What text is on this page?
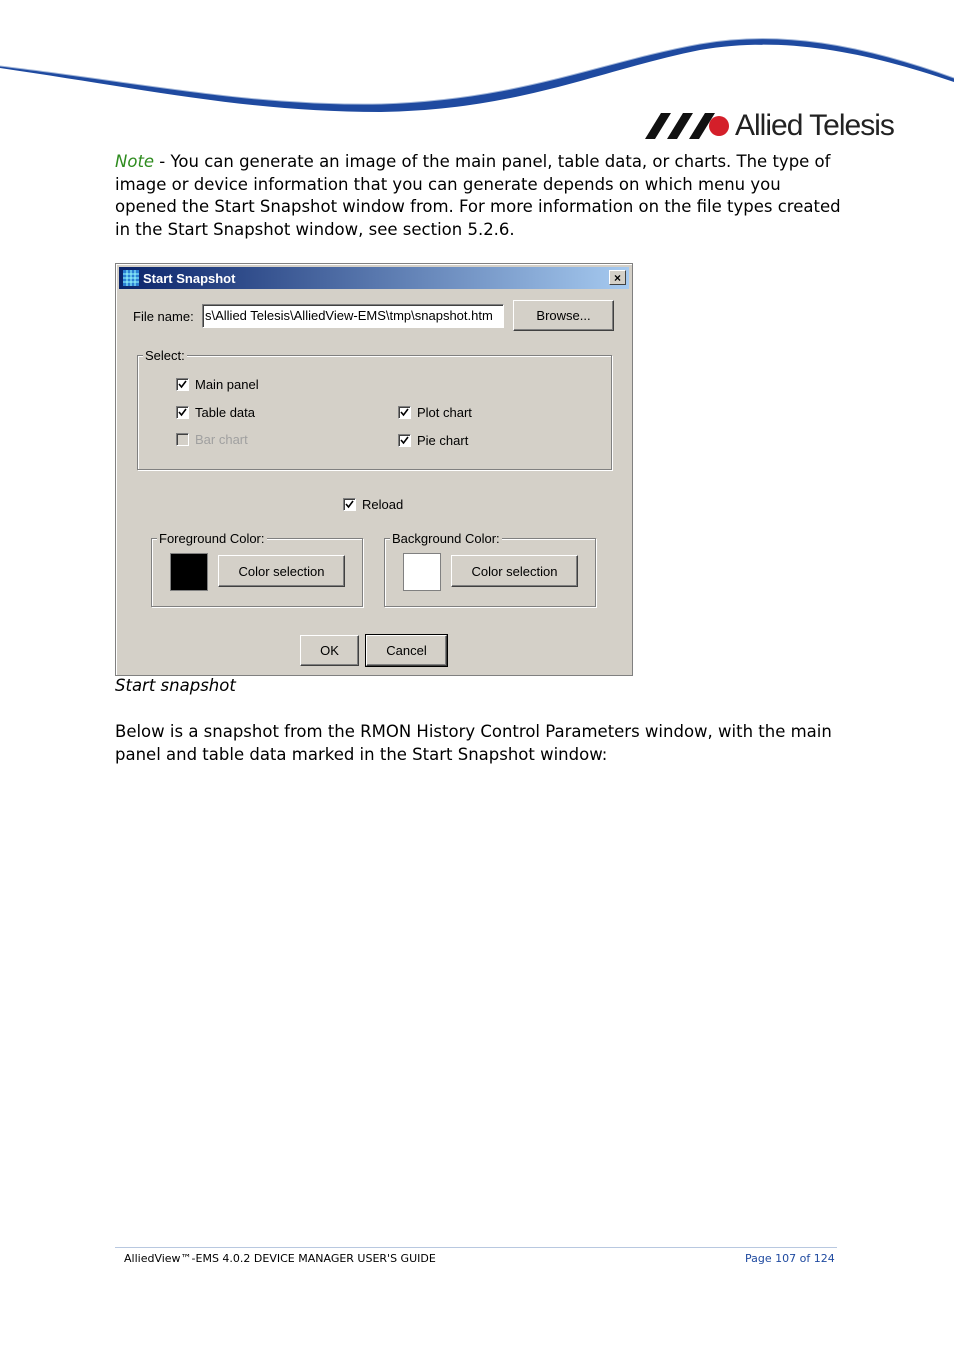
Allied Telesis
Note - You can generate an image of the main panel, table data, or charts. The type of image or device information that you can generate depends on which menu you opened the Start Snapshot window from. For more information on the file types created in the Start Snapshot window, see section 5.2.6.
Start Snapshot	×
File name: s\Allied Telesis\AlliedView-EMS\tmp\snapshot.htm	Browse...
Select:
Main panel
Table data
Bar chart
Plot chart
Pie chart
Reload
Foreground Color:
Color selection
Background Color:
Color selection
OK	Cancel
Start snapshot
Below is a snapshot from the RMON History Control Parameters window, with the main panel and table data marked in the Start Snapshot window:
AlliedView™-EMS 4.0.2 DEVICE MANAGER USER'S GUIDE	Page 107 of 124
